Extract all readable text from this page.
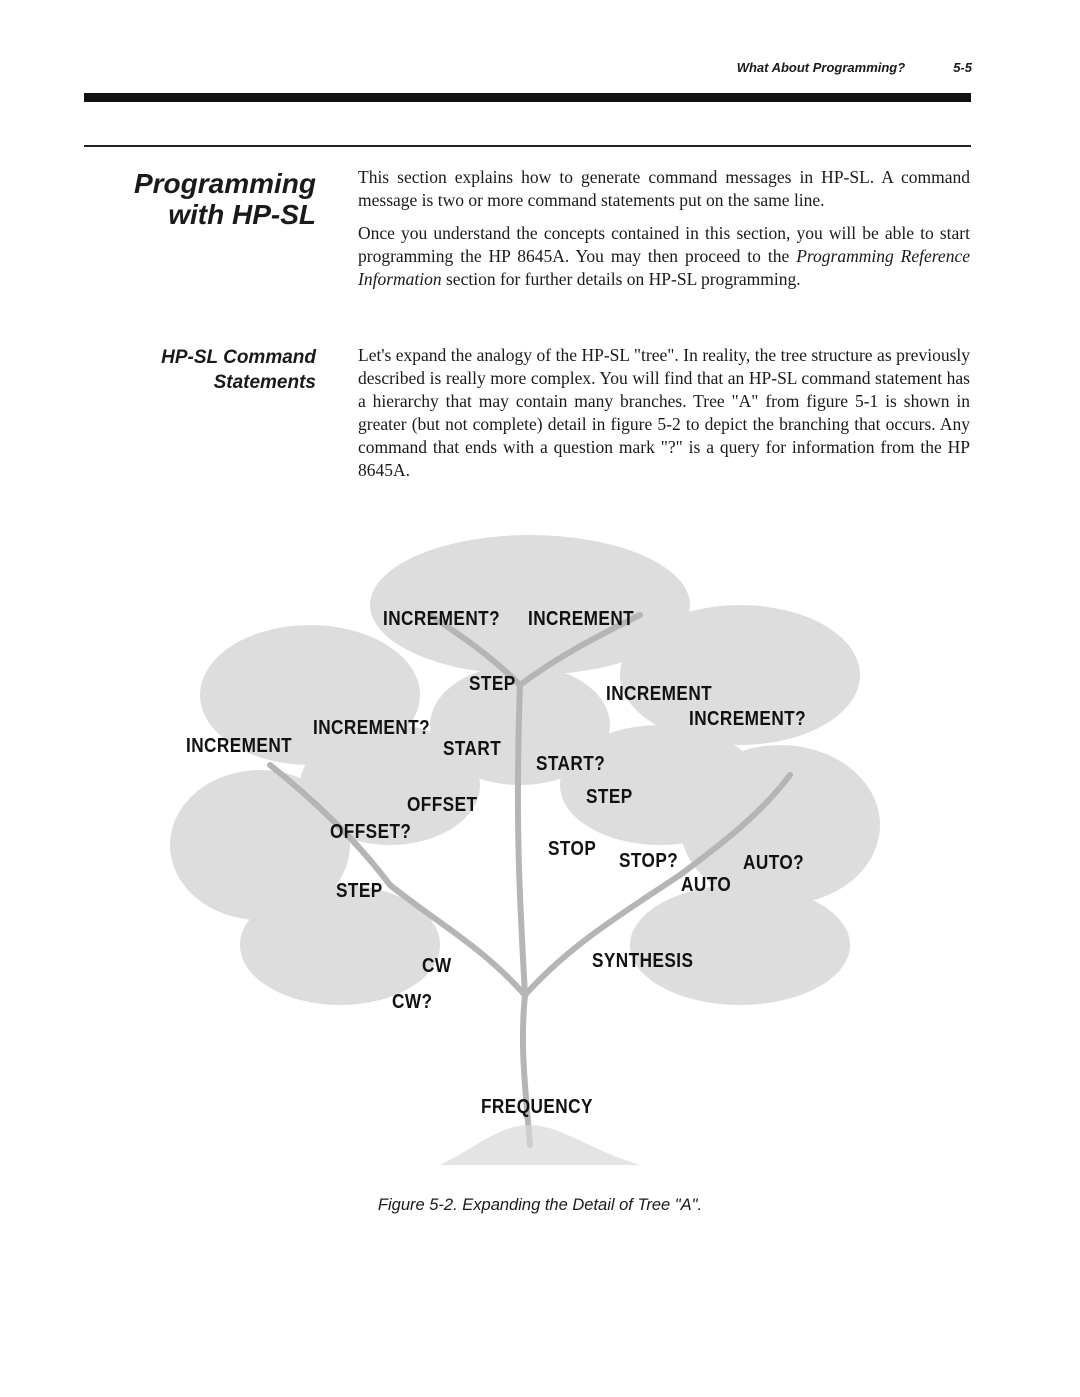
What About Programming?	5-5
Programming
with HP-SL
HP-SL Command
Statements

This section explains how to generate command messages in HP-SL. A command message is two or more command statements put on the same line.

Once you understand the concepts contained in this section, you will be able to start programming the HP 8645A. You may then proceed to the Programming Reference Information section for further details on HP-SL programming.

Let's expand the analogy of the HP-SL "tree". In reality, the tree structure as previously described is really more complex. You will find that an HP-SL command statement has a hierarchy that may contain many branches. Tree "A" from figure 5-1 is shown in greater (but not complete) detail in figure 5-2 to depict the branching that occurs. Any command that ends with a question mark "?" is a query for information from the HP 8645A.

INCREMENT? INCREMENT
STEP	INCREMENT
INCREMENT?
INCREMENT?
INCREMENT	START
START?
STEP
OFFSET
OFFSET?
STOP
STOP?	AUTO?
AUTO
STEP
CW	SYNTHESIS
CW?
FREQUENCY
Figure 5-2. Expanding the Detail of Tree "A".
